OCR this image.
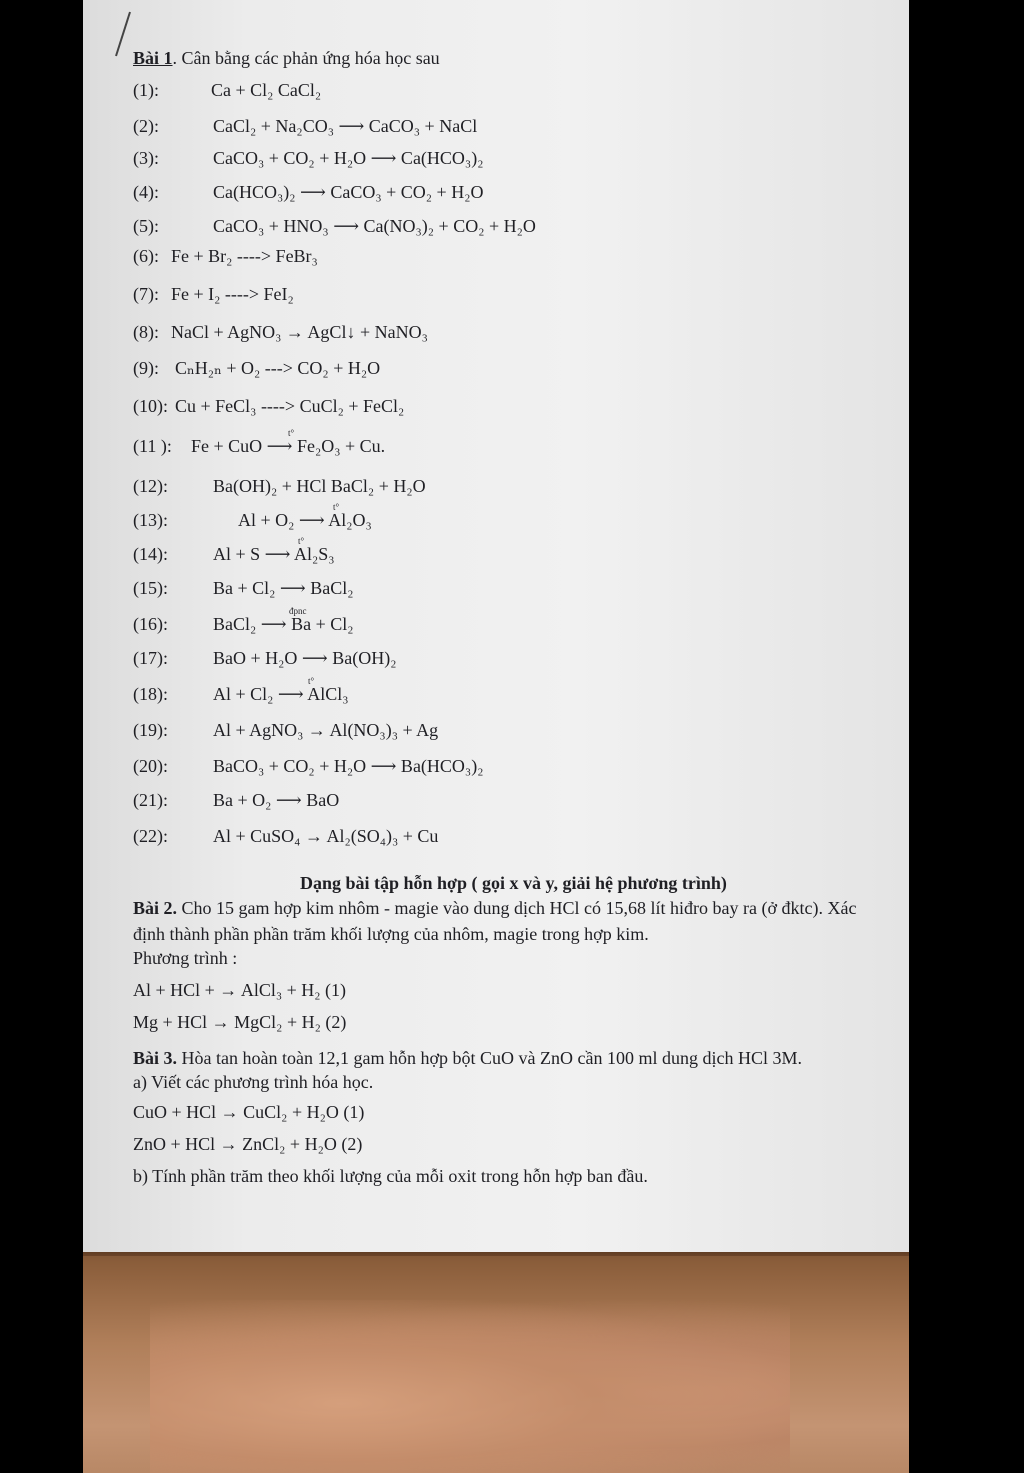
Bài 1. Cân bằng các phản ứng hóa học sau
(1):	Ca + Cl₂ CaCl₂
(2):	CaCl₂ + Na₂CO₃ ⟶ CaCO₃ + NaCl
(3):	CaCO₃ + CO₂ + H₂O ⟶ Ca(HCO₃)₂
(4):	Ca(HCO₃)₂ ⟶ CaCO₃ + CO₂ + H₂O
(5):	CaCO₃ + HNO₃ ⟶ Ca(NO₃)₂ + CO₂ + H₂O
(6): Fe + Br₂ ----> FeBr₃
(7): Fe + I₂ ----> FeI₂
(8): NaCl + AgNO₃ → AgCl↓ + NaNO₃
(9): CₙH₂ₙ + O₂ ---> CO₂ + H₂O
(10): Cu + FeCl₃ ----> CuCl₂ + FeCl₂
(11 ): Fe + CuO ⟶ Fe₂O₃ + Cu.
(12):	Ba(OH)₂ + HCl BaCl₂ + H₂O
(13):	Al + O₂ ⟶ Al₂O₃
(14):	Al + S ⟶ Al₂S₃
(15):	Ba + Cl₂ ⟶ BaCl₂
(16):	BaCl₂ ⟶ Ba + Cl₂
(17):	BaO + H₂O ⟶ Ba(OH)₂
(18):	Al + Cl₂ ⟶ AlCl₃
(19):	Al + AgNO₃ → Al(NO₃)₃ + Ag
(20):	BaCO₃ + CO₂ + H₂O ⟶ Ba(HCO₃)₂
(21):	Ba + O₂ ⟶ BaO
(22):	Al + CuSO₄ → Al₂(SO₄)₃ + Cu
t°
t°
t°
đpnc
t°
Dạng bài tập hỗn hợp ( gọi x và y, giải hệ phương trình)
Bài 2. Cho 15 gam hợp kim nhôm - magie vào dung dịch HCl có 15,68 lít hiđro bay ra (ở đktc). Xác
định thành phần phần trăm khối lượng của nhôm, magie trong hợp kim.
Phương trình :
Al + HCl + → AlCl₃ + H₂ (1)
Mg + HCl → MgCl₂ + H₂ (2)
Bài 3. Hòa tan hoàn toàn 12,1 gam hỗn hợp bột CuO và ZnO cần 100 ml dung dịch HCl 3M.
a) Viết các phương trình hóa học.
CuO + HCl → CuCl₂ + H₂O (1)
ZnO + HCl → ZnCl₂ + H₂O (2)
b) Tính phần trăm theo khối lượng của mỗi oxit trong hỗn hợp ban đầu.
